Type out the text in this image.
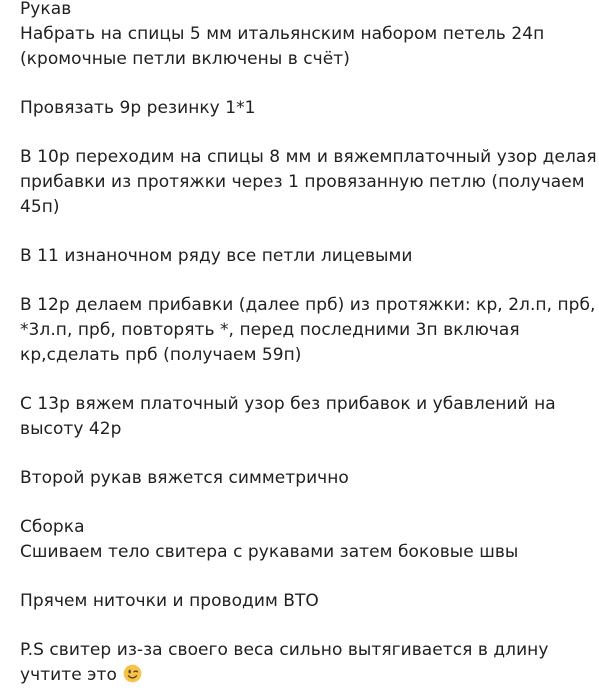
Рукав
Набрать на спицы 5 мм итальянским набором петель 24п
(кромочные петли включены в счёт)
Провязать 9р резинку 1*1
В 10р переходим на спицы 8 мм и вяжемплаточный узор делая
прибавки из протяжки через 1 провязанную петлю (получаем
45п)
В 11 изнаночном ряду все петли лицевыми
В 12р делаем прибавки (далее прб) из протяжки: кр, 2л.п, прб,
*3л.п, прб, повторять *, перед последними 3п включая
кр,сделать прб (получаем 59п)
С 13р вяжем платочный узор без прибавок и убавлений на
высоту 42р
Второй рукав вяжется симметрично
Сборка
Сшиваем тело свитера с рукавами затем боковые швы
Прячем ниточки и проводим ВТО
P.S свитер из-за своего веса сильно вытягивается в длину
учтите это
